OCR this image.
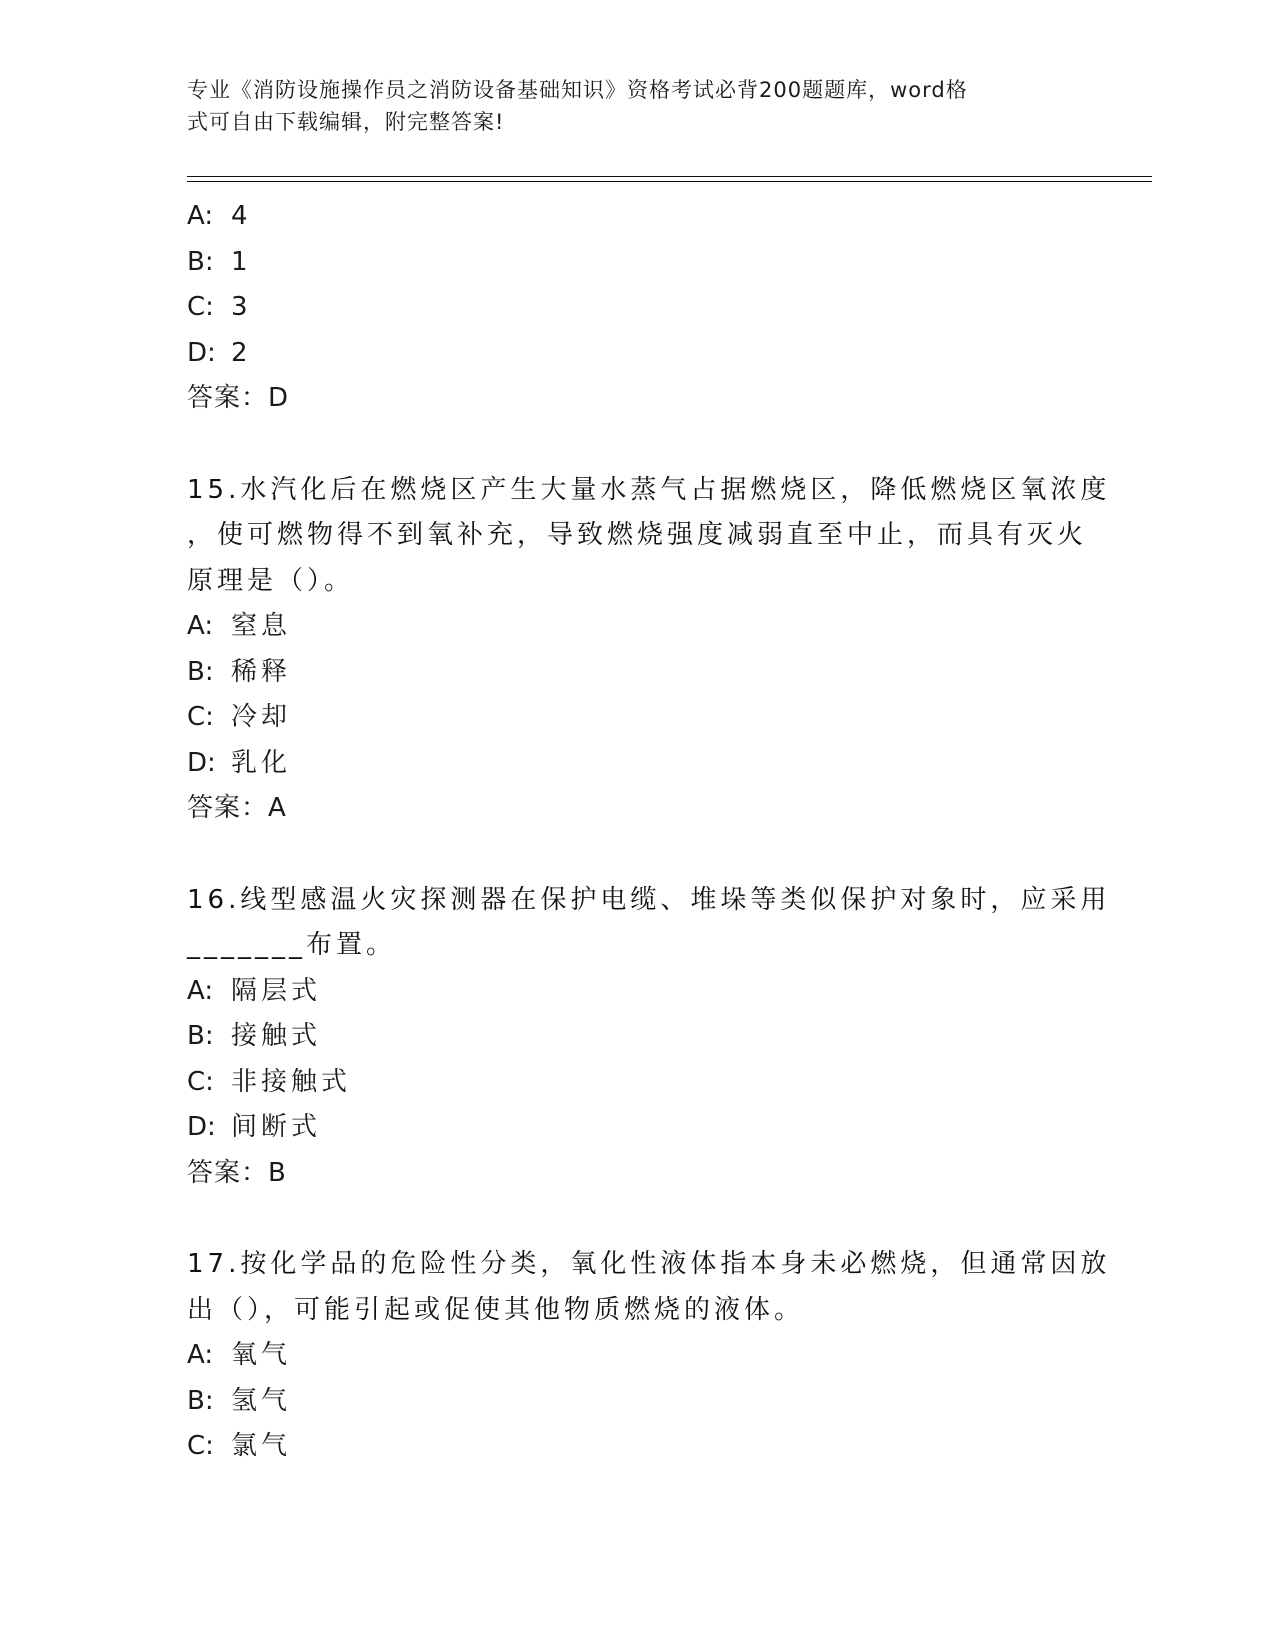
专业《消防设施操作员之消防设备基础知识》资格考试必背200题题库，word格
式可自由下载编辑，附完整答案!
A: 4
B: 1
C: 3
D: 2
答案：D
15.水汽化后在燃烧区产生大量水蒸气占据燃烧区，降低燃烧区氧浓度
，使可燃物得不到氧补充，导致燃烧强度减弱直至中止，而具有灭火
原理是（）。
A: 窒息
B: 稀释
C: 冷却
D: 乳化
答案：A
16.线型感温火灾探测器在保护电缆、堆垛等类似保护对象时，应采用
_______布置。
A: 隔层式
B: 接触式
C: 非接触式
D: 间断式
答案：B
17.按化学品的危险性分类，氧化性液体指本身未必燃烧，但通常因放
出（），可能引起或促使其他物质燃烧的液体。
A: 氧气
B: 氢气
C: 氯气
